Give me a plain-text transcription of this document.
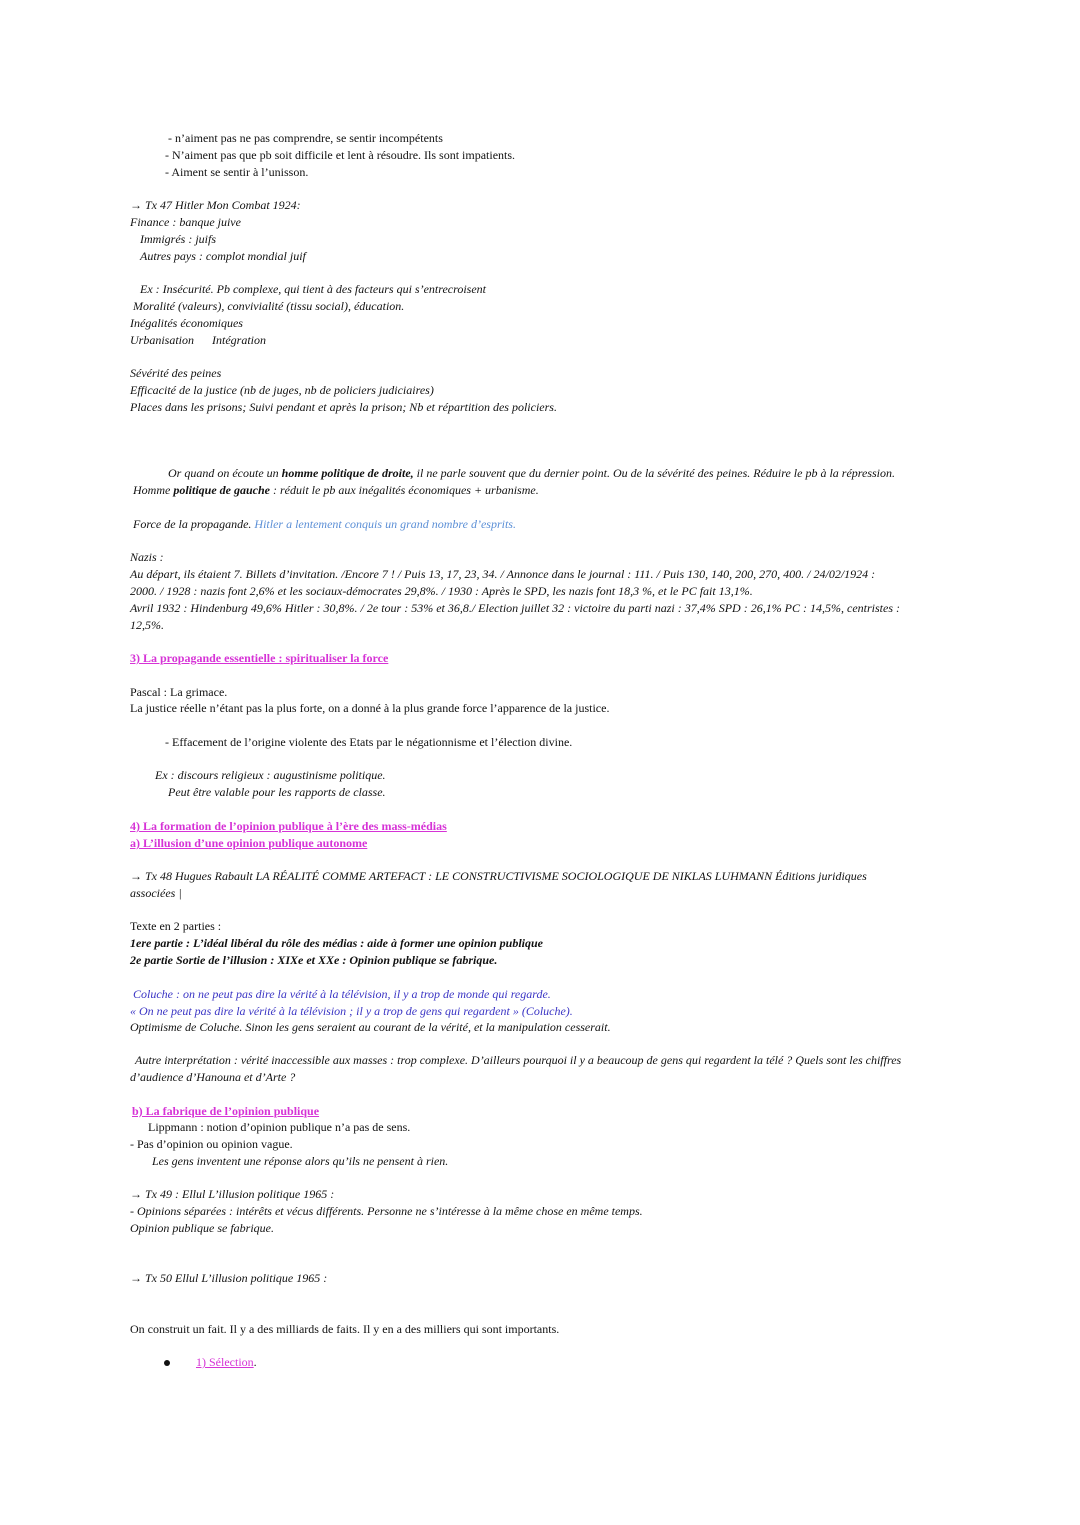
- n’aiment pas ne pas comprendre, se sentir incompétents
- N’aiment pas que pb soit difficile et lent à résoudre. Ils sont impatients.
- Aiment se sentir à l’unisson.
→ Tx 47 Hitler Mon Combat 1924:
Finance : banque juive
Immigrés : juifs
Autres pays : complot mondial juif
Ex : Insécurité. Pb complexe, qui tient à des facteurs qui s’entrecroisent
Moralité (valeurs), convivialité (tissu social), éducation.
Inégalités économiques
Urbanisation      Intégration
Sévérité des peines
Efficacité de la justice (nb de juges, nb de policiers judiciaires)
Places dans les prisons; Suivi pendant et après la prison; Nb et répartition des policiers.
Or quand on écoute un homme politique de droite, il ne parle souvent que du dernier point. Ou de la sévérité des peines. Réduire le pb à la répression.
Homme politique de gauche : réduit le pb aux inégalités économiques + urbanisme.
Force de la propagande. Hitler a lentement conquis un grand nombre d’esprits.
Nazis :
Au départ, ils étaient 7. Billets d’invitation. /Encore 7 ! / Puis 13, 17, 23, 34. / Annonce dans le journal : 111. / Puis 130, 140, 200, 270, 400. / 24/02/1924 :
2000. / 1928 : nazis font 2,6% et les sociaux-démocrates 29,8%. / 1930 : Après le SPD, les nazis font 18,3 %, et le PC fait 13,1%.
Avril 1932 : Hindenburg 49,6% Hitler : 30,8%. / 2e tour : 53% et 36,8./ Election juillet 32 : victoire du parti nazi : 37,4% SPD : 26,1% PC : 14,5%, centristes :
12,5%.
3) La propagande essentielle : spiritualiser la force
Pascal : La grimace.
La justice réelle n’étant pas la plus forte, on a donné à la plus grande force l’apparence de la justice.
- Effacement de l’origine violente des Etats par le négationnisme et l’élection divine.
Ex : discours religieux : augustinisme politique.
Peut être valable pour les rapports de classe.
4) La formation de l’opinion publique à l’ère des mass-médias
a) L’illusion d’une opinion publique autonome
→ Tx 48 Hugues Rabault LA RÉALITÉ COMME ARTEFACT : LE CONSTRUCTIVISME SOCIOLOGIQUE DE NIKLAS LUHMANN Éditions juridiques
associées |
Texte en 2 parties :
1ere partie : L’idéal libéral du rôle des médias : aide à former une opinion publique
2e partie Sortie de l’illusion : XIXe et XXe : Opinion publique se fabrique.
Coluche : on ne peut pas dire la vérité à la télévision, il y a trop de monde qui regarde.
« On ne peut pas dire la vérité à la télévision ; il y a trop de gens qui regardent » (Coluche).
Optimisme de Coluche. Sinon les gens seraient au courant de la vérité, et la manipulation cesserait.
Autre interprétation : vérité inaccessible aux masses : trop complexe. D’ailleurs pourquoi il y a beaucoup de gens qui regardent la télé ? Quels sont les chiffres
d’audience d’Hanouna et d’Arte ?
b) La fabrique de l’opinion publique
Lippmann : notion d’opinion publique n’a pas de sens.
- Pas d’opinion ou opinion vague.
Les gens inventent une réponse alors qu’ils ne pensent à rien.
→ Tx 49 : Ellul L’illusion politique 1965 :
- Opinions séparées : intérêts et vécus différents. Personne ne s’intéresse à la même chose en même temps.
Opinion publique se fabrique.
→ Tx 50 Ellul L’illusion politique 1965 :
On construit un fait. Il y a des milliards de faits. Il y en a des milliers qui sont importants.
1) Sélection.
